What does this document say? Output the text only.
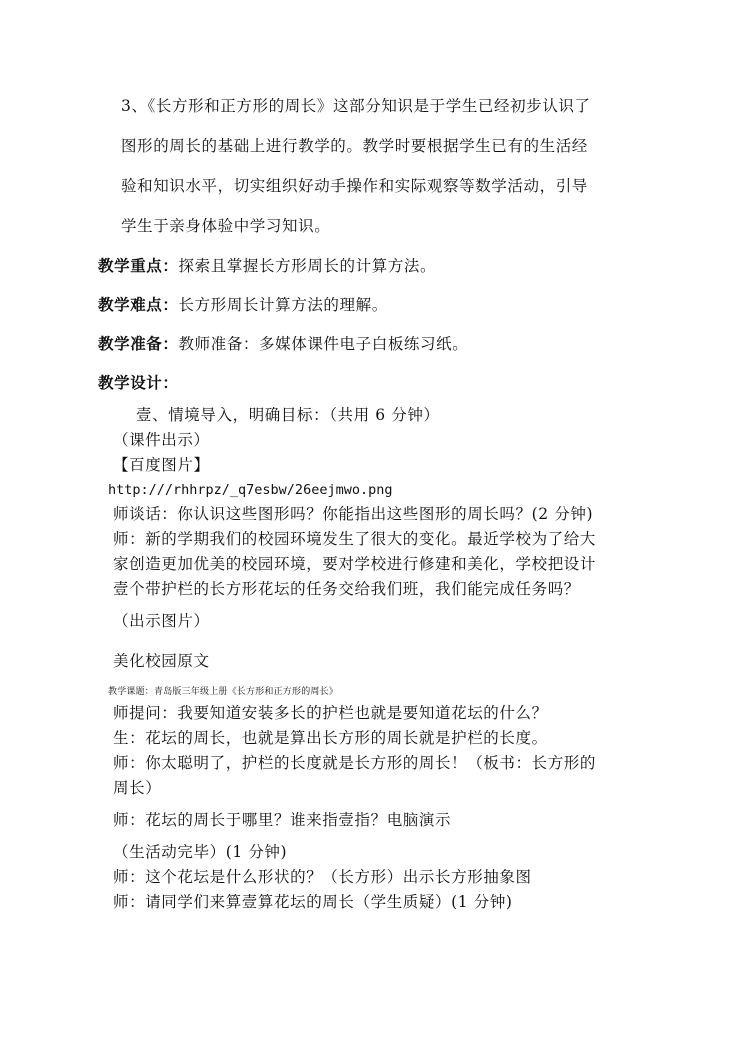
3、《长方形和正方形的周长》这部分知识是于学生已经初步认识了
图形的周长的基础上进行教学的。教学时要根据学生已有的生活经
验和知识水平，切实组织好动手操作和实际观察等数学活动，引导
学生于亲身体验中学习知识。
教学重点：探索且掌握长方形周长的计算方法。
教学难点：长方形周长计算方法的理解。
教学准备：教师准备：多媒体课件电子白板练习纸。
教学设计：
壹、情境导入，明确目标：（共用 6 分钟）
（课件出示）
【百度图片】
http:///rhhrpz/_q7esbw/26eejmwo.png
师谈话：你认识这些图形吗？你能指出这些图形的周长吗？(2 分钟)
师：新的学期我们的校园环境发生了很大的变化。最近学校为了给大
家创造更加优美的校园环境，要对学校进行修建和美化，学校把设计
壹个带护栏的长方形花坛的任务交给我们班，我们能完成任务吗？
（出示图片）
美化校园原文
教学课题：青岛版三年级上册《长方形和正方形的周长》
师提问：我要知道安装多长的护栏也就是要知道花坛的什么？
生：花坛的周长，也就是算出长方形的周长就是护栏的长度。
师：你太聪明了，护栏的长度就是长方形的周长！（板书：长方形的
周长）
师：花坛的周长于哪里？谁来指壹指？电脑演示
（生活动完毕）(1 分钟)
师：这个花坛是什么形状的？（长方形）出示长方形抽象图
师：请同学们来算壹算花坛的周长（学生质疑）(1 分钟)
